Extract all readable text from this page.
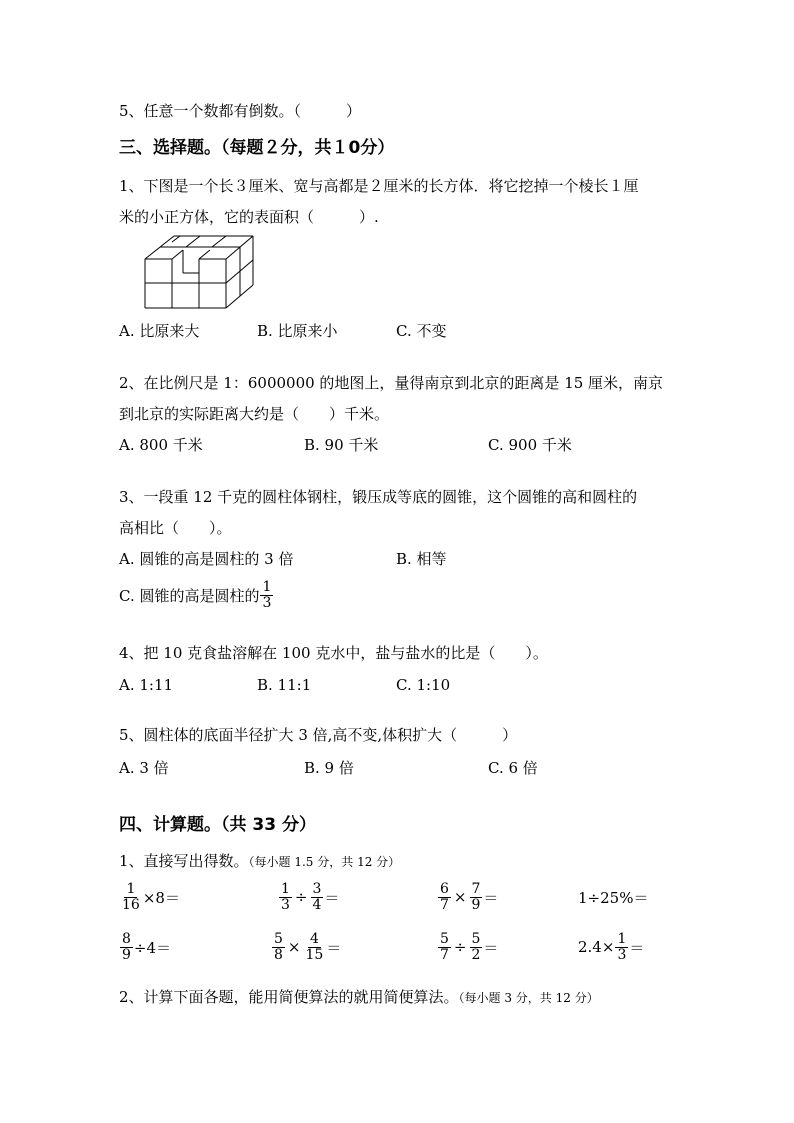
5、任意一个数都有倒数。（　　　）
三、选择题。（每题２分，共１0分）
1、下图是一个长３厘米、宽与高都是２厘米的长方体．将它挖掉一个棱长１厘
米的小正方体，它的表面积（　　　）.
A. 比原来大	B. 比原来小	C. 不变
2、在比例尺是 1：6000000 的地图上，量得南京到北京的距离是 15 厘米，南京
到北京的实际距离大约是（　　）千米。
A. 800 千米	B. 90 千米	C. 900 千米
3、一段重 12 千克的圆柱体钢柱，锻压成等底的圆锥，这个圆锥的高和圆柱的
高相比（　　）。
A. 圆锥的高是圆柱的 3 倍	B. 相等
C. 圆锥的高是圆柱的 $\frac{1}{3}$
4、把 10 克食盐溶解在 100 克水中，盐与盐水的比是（　　）。
A. 1:11	B. 11:1	C. 1:10
5、圆柱体的底面半径扩大 3 倍,高不变,体积扩大（　　　）
A. 3 倍	B. 9 倍	C. 6 倍
四、计算题。（共 33 分）
1、直接写出得数。（每小题 1.5 分，共 12 分）
$\frac{1}{16} \times 8=$	$\frac{1}{3} \div \frac{3}{4}$ ＝	$\frac{6}{7} \times \frac{7}{9}$ ＝	1÷25%＝
$\frac{8}{9} \div 4=$	$\frac{5}{8} \times \frac{4}{15}$ ＝	$\frac{5}{7} \div \frac{5}{2}$ ＝	$2.4\times \frac{1}{3}$ ＝
2、计算下面各题，能用简便算法的就用简便算法。（每小题 3 分，共 12 分）
